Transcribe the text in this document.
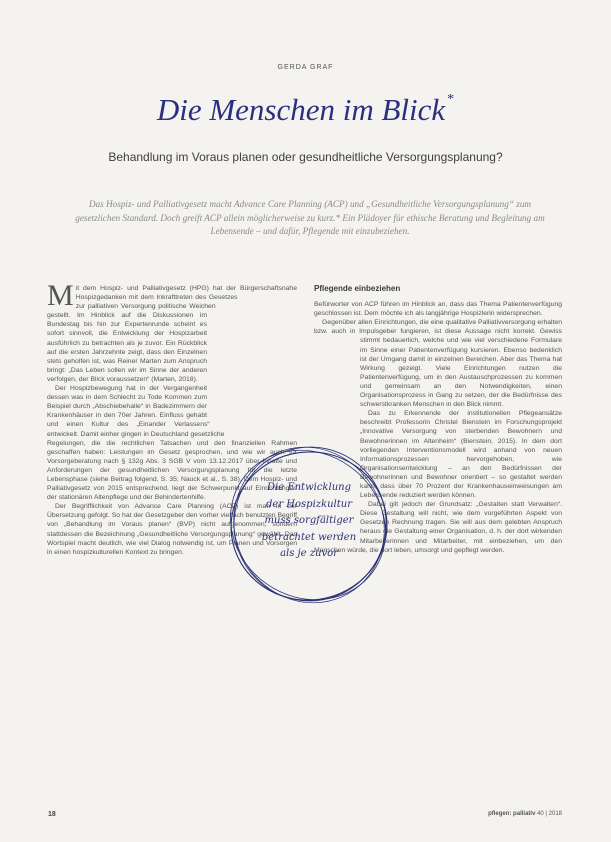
GERDA GRAF
Die Menschen im Blick *
Behandlung im Voraus planen oder gesundheitliche Versorgungsplanung?
Das Hospiz- und Palliativgesetz macht Advance Care Planning (ACP) und „Gesundheitliche Versorgungsplanung“ zum gesetzlichen Standard. Doch greift ACP allein möglicherweise zu kurz.* Ein Plädoyer für ethische Beratung und Begleitung am Lebensende – und dafür, Pflegende mit einzubeziehen.

Mit dem Hospiz- und Palliativgesetz (HPG) hat der Bürgerschaftsnahe Hospizgedanken mit dem Inkrafttreten des Gesetzes zur palliativen Versorgung politische Weichen gestellt. Im Hinblick auf die Diskussionen im Bundestag bis hin zur Expertenrunde scheint es sofort sinnvoll, die Entwicklung der Hospizarbeit ausführlich zu betrachten als je zuvor. Ein Rückblick auf die ersten Jahrzehnte zeigt, dass den Einzelnen stets geholfen ist, was Reiner Marten zum Anspruch bringt: „Das Leben sollen wir im Sinne der anderen verfolgen, der Blick voraussetzen“ (Marten, 2018).

Der Hospizbewegung hat in der Vergangenheit dessen was in dem Schlecht zu Tode Kommen zum Beispiel durch „Abschiebehalle“ in Badezimmern der Krankenhäuser in den 70er Jahren. Einfluss gehabt und einen Kultur des „Einander Verlassens“ entwickelt. Damit einher gingen in Deutschland gesetzliche Regelungen, die die rechtlichen Tatsachen und den finanziellen Rahmen geschaffen haben: Leistungen im Gesetz gesprochen, und wie wir auch für Vorsorgeberatung nach § 132g Abs. 3 SGB V vom 13.12.2017 über Inhalte und Anforderungen der gesundheitlichen Versorgungsplanung für die letzte Lebensphase (siehe Beitrag folgend, S. 35; Nauck et al., S. 38). Dem Hospiz- und Palliativgesetz von 2015 entsprechend, liegt der Schwerpunkt auf Einrichtungen der stationären Altenpflege und der Behindertenhilfe.

Der Begrifflichkeit von Advance Care Planning (ACP) ist man in der Übersetzung gefolgt. So hat der Gesetzgeber den vorher vielfach benutzten Begriff von „Behandlung im Voraus planen“ (BVP) nicht aufgenommen, sondern stattdessen die Bezeichnung „Gesundheitliche Versorgungsplanung“ gewählt. Das Wortspiel macht deutlich, wie viel Dialog notwendig ist, um Planen und Vorsorgen in einen hospizkulturellen Kontext zu bringen.

Pflegende einbeziehen

Befürworter von ACP führen im Hinblick an, dass das Thema Patientenverfügung geschlossen ist. Dem möchte ich als langjährige Hospizlerin widersprechen.

Gegenüber allen Einrichtungen, die eine qualitative Palliativversorgung erhalten bzw. auch in Impulsgeber fungieren, ist diese Aussage nicht korrekt. Gewiss stimmt bedauerlich, welche und wie viel verschiedene Formulare im Sinne einer Patientenverfügung kursieren. Ebenso bedenklich ist der Umgang damit in einzelnen Bereichen. Aber das Thema hat Wirkung gezeigt. Viele Einrichtungen nutzen die Patientenverfügung, um in den Austauschprozessen zu kommen und gemeinsam an den Notwendigkeiten, einen Organisationsprozess in Gang zu setzen, der die Bedürfnisse des schwerstkranken Menschen in den Blick nimmt.

Das zu Erkennende der institutionellen Pflegeansätze beschreibt Professorin Christel Bienstein im Forschungsprojekt „Innovative Versorgung von sterbenden Bewohnern und Bewohnerinnen im Altenheim“ (Bienstein, 2015). In dem dort vorliegenden Interventionsmodell wird anhand von neuen Informationsprozessen hervorgehoben, wie Organisationsentwicklung – an den Bedürfnissen der Bewohnerinnen und Bewohner orientiert – so gestaltet werden kann, dass über 70 Prozent der Krankenhauseinweisungen am Lebensende reduziert werden können.

Dabei gilt jedoch der Grundsatz: „Gestalten statt Verwalten“. Diese Gestaltung will nicht, wie dem vorgeführten Aspekt von Gesetzen Rechnung tragen. Sie will aus dem gelebten Anspruch heraus die Gestaltung einer Organisation, d. h. der dort wirkenden Mitarbeiterinnen und Mitarbeiter, mit einbeziehen, um den Menschen würde, die dort leben, umsorgt und gepflegt werden.

Die Entwicklung
der Hospizkultur
muss sorgfältiger
betrachtet werden
als je zuvor
18	pflegen: palliativ 40 | 2018
